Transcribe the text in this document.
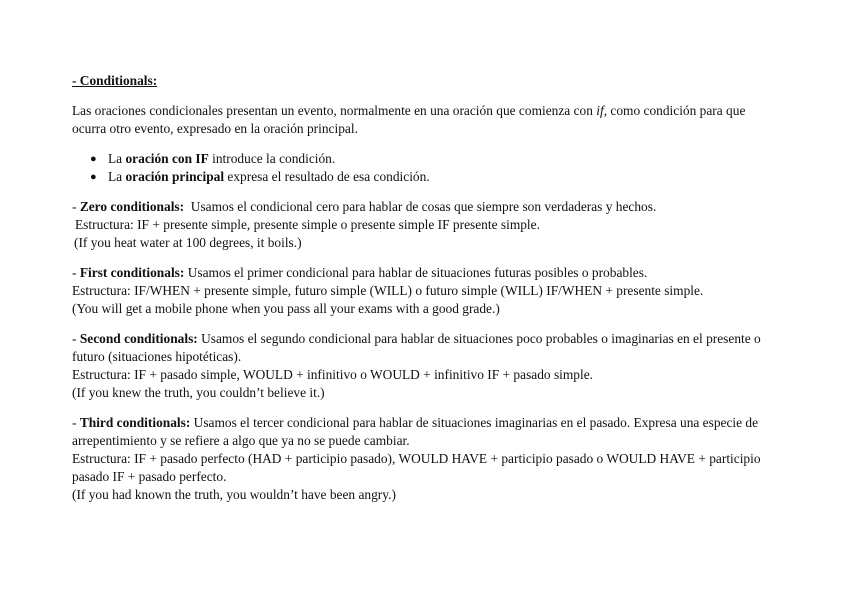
- Conditionals:

Las oraciones condicionales presentan un evento, normalmente en una oración que comienza con if, como condición para que ocurra otro evento, expresado en la oración principal.

● La oración con IF introduce la condición.
● La oración principal expresa el resultado de esa condición.

- Zero conditionals:  Usamos el condicional cero para hablar de cosas que siempre son verdaderas y hechos.

Estructura: IF + presente simple, presente simple o presente simple IF presente simple.

(If you heat water at 100 degrees, it boils.)

- First conditionals: Usamos el primer condicional para hablar de situaciones futuras posibles o probables.

Estructura: IF/WHEN + presente simple, futuro simple (WILL) o futuro simple (WILL) IF/WHEN + presente simple.

(You will get a mobile phone when you pass all your exams with a good grade.)

- Second conditionals: Usamos el segundo condicional para hablar de situaciones poco probables o imaginarias en el presente o futuro (situaciones hipotéticas).

Estructura: IF + pasado simple, WOULD + infinitivo o WOULD + infinitivo IF + pasado simple.

(If you knew the truth, you couldn’t believe it.)

- Third conditionals: Usamos el tercer condicional para hablar de situaciones imaginarias en el pasado. Expresa una especie de arrepentimiento y se refiere a algo que ya no se puede cambiar.

Estructura: IF + pasado perfecto (HAD + participio pasado), WOULD HAVE + participio pasado o WOULD HAVE + participio pasado IF + pasado perfecto.

(If you had known the truth, you wouldn’t have been angry.)
